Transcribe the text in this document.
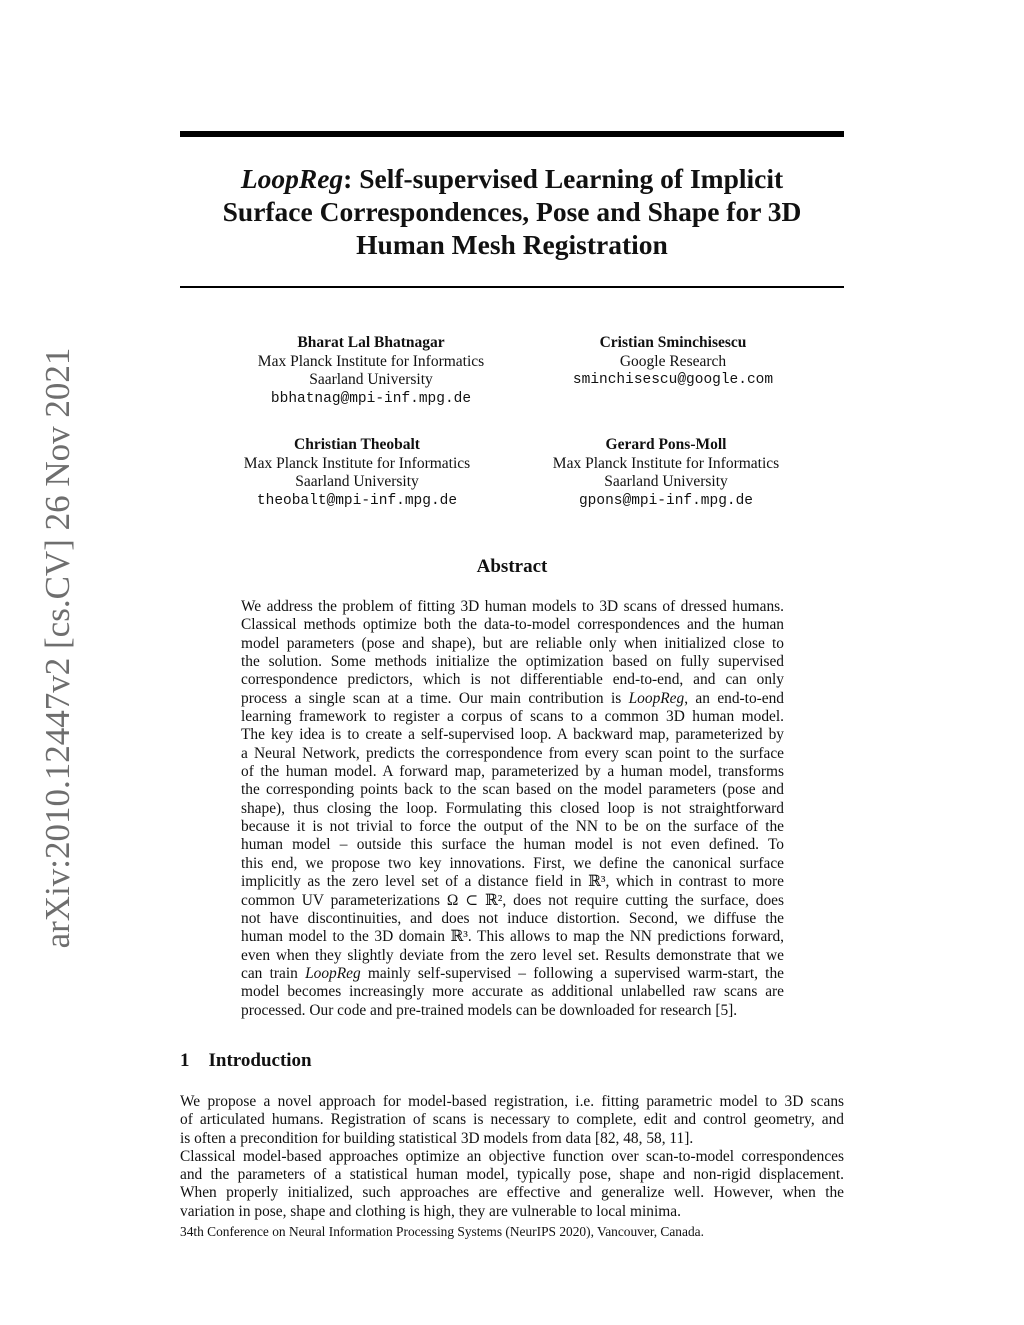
arXiv:2010.12447v2 [cs.CV] 26 Nov 2021
LoopReg: Self-supervised Learning of Implicit
Surface Correspondences, Pose and Shape for 3D
Human Mesh Registration
Bharat Lal Bhatnagar
Max Planck Institute for Informatics
Saarland University
bbhatnag@mpi-inf.mpg.de
Cristian Sminchisescu
Google Research
sminchisescu@google.com
Christian Theobalt
Max Planck Institute for Informatics
Saarland University
theobalt@mpi-inf.mpg.de
Gerard Pons-Moll
Max Planck Institute for Informatics
Saarland University
gpons@mpi-inf.mpg.de
Abstract
We address the problem of fitting 3D human models to 3D scans of dressed humans.
Classical methods optimize both the data-to-model correspondences and the human
model parameters (pose and shape), but are reliable only when initialized close to
the solution. Some methods initialize the optimization based on fully supervised
correspondence predictors, which is not differentiable end-to-end, and can only
process a single scan at a time. Our main contribution is LoopReg, an end-to-end
learning framework to register a corpus of scans to a common 3D human model.
The key idea is to create a self-supervised loop. A backward map, parameterized by
a Neural Network, predicts the correspondence from every scan point to the surface
of the human model. A forward map, parameterized by a human model, transforms
the corresponding points back to the scan based on the model parameters (pose and
shape), thus closing the loop. Formulating this closed loop is not straightforward
because it is not trivial to force the output of the NN to be on the surface of the
human model – outside this surface the human model is not even defined. To
this end, we propose two key innovations. First, we define the canonical surface
implicitly as the zero level set of a distance field in ℝ³, which in contrast to more
common UV parameterizations Ω ⊂ ℝ², does not require cutting the surface, does
not have discontinuities, and does not induce distortion. Second, we diffuse the
human model to the 3D domain ℝ³. This allows to map the NN predictions forward,
even when they slightly deviate from the zero level set. Results demonstrate that we
can train LoopReg mainly self-supervised – following a supervised warm-start, the
model becomes increasingly more accurate as additional unlabelled raw scans are
processed. Our code and pre-trained models can be downloaded for research [5].
1 Introduction
We propose a novel approach for model-based registration, i.e. fitting parametric model to 3D scans
of articulated humans. Registration of scans is necessary to complete, edit and control geometry, and
is often a precondition for building statistical 3D models from data [82, 48, 58, 11].
Classical model-based approaches optimize an objective function over scan-to-model correspondences
and the parameters of a statistical human model, typically pose, shape and non-rigid displacement.
When properly initialized, such approaches are effective and generalize well. However, when the
variation in pose, shape and clothing is high, they are vulnerable to local minima.
34th Conference on Neural Information Processing Systems (NeurIPS 2020), Vancouver, Canada.
